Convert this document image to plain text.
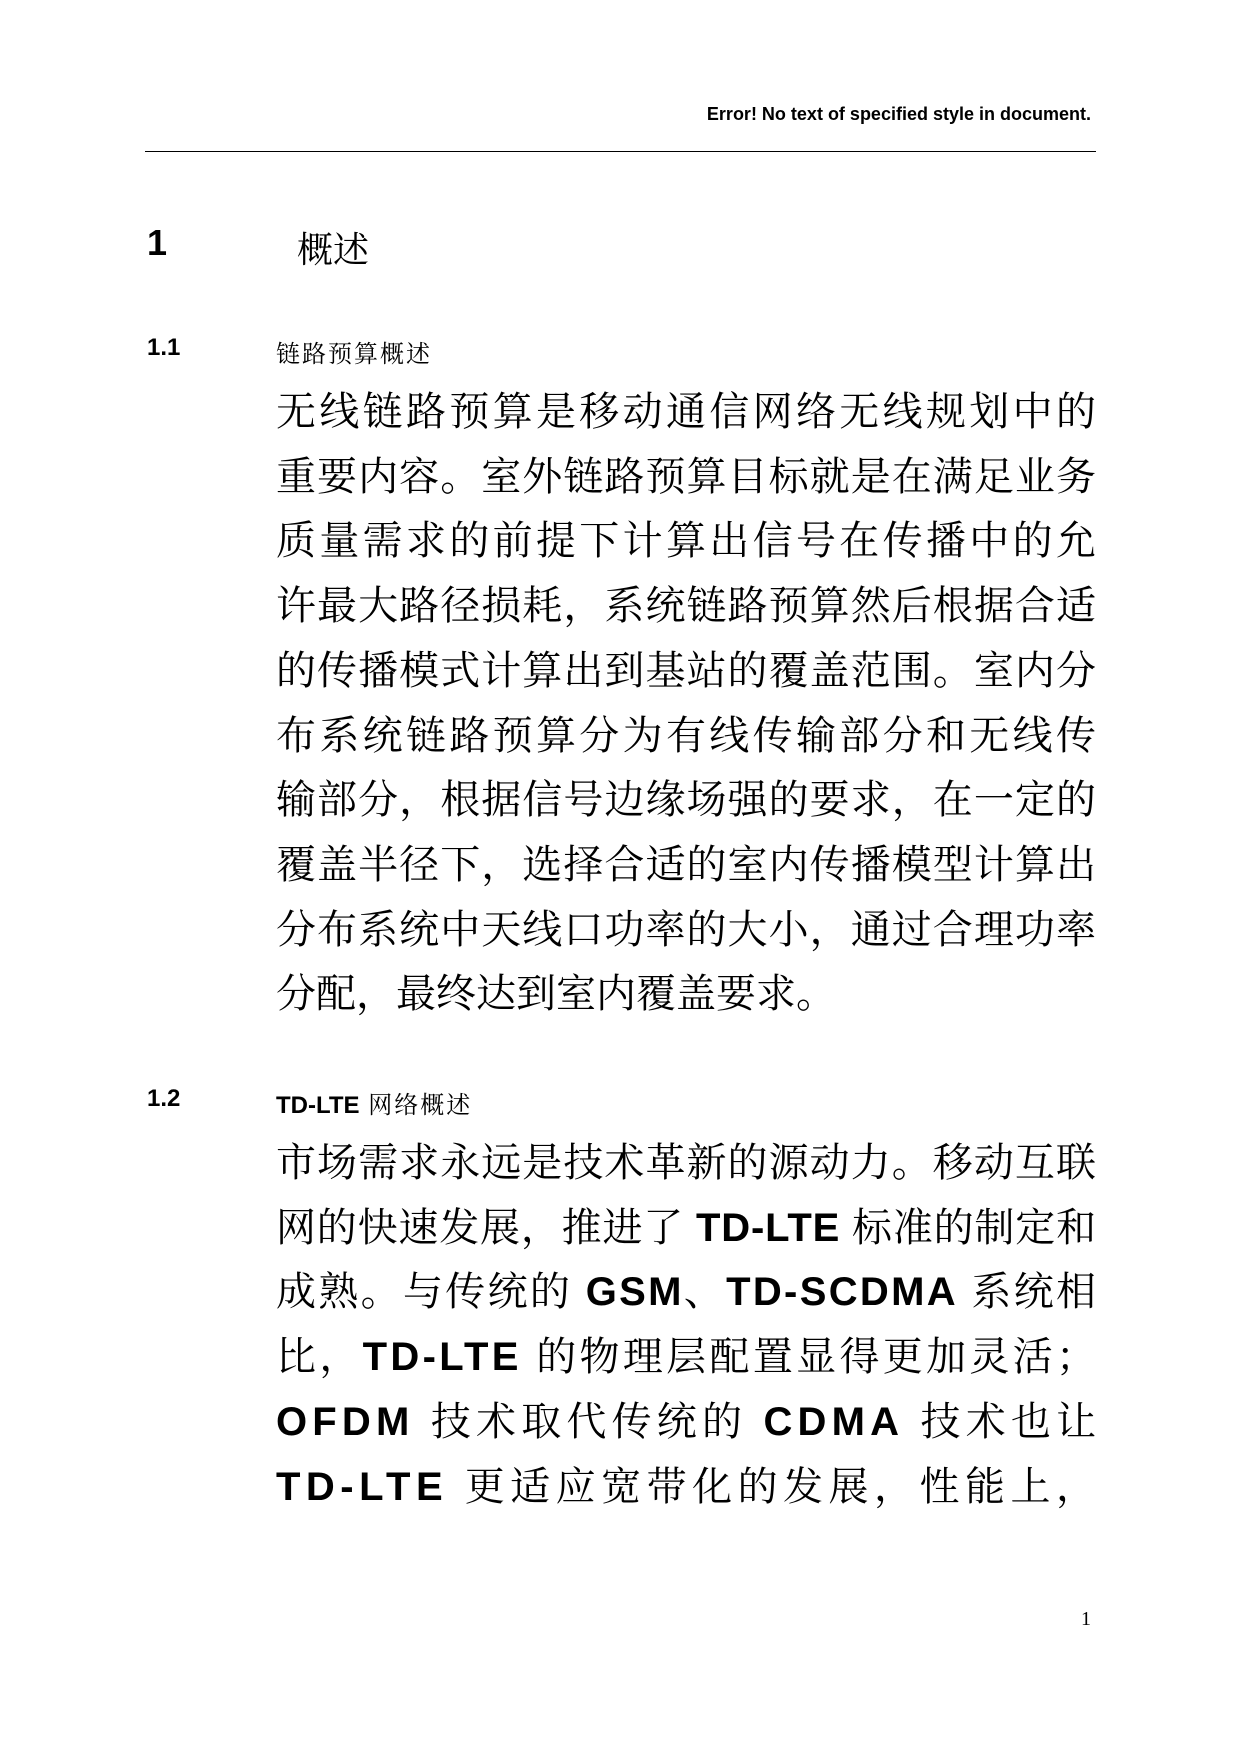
Error! No text of specified style in document.
1	概述
1.1	链路预算概述
无线链路预算是移动通信网络无线规划中的
重要内容。室外链路预算目标就是在满足业务
质量需求的前提下计算出信号在传播中的允
许最大路径损耗，系统链路预算然后根据合适
的传播模式计算出到基站的覆盖范围。室内分
布系统链路预算分为有线传输部分和无线传
输部分，根据信号边缘场强的要求，在一定的
覆盖半径下，选择合适的室内传播模型计算出
分布系统中天线口功率的大小，通过合理功率
分配，最终达到室内覆盖要求。
1.2	TD-LTE 网络概述
市场需求永远是技术革新的源动力。移动互联
网的快速发展，推进了 TD-LTE 标准的制定和
成熟。与传统的 GSM、TD-SCDMA 系统相
比，TD-LTE 的物理层配置显得更加灵活；
OFDM 技术取代传统的 CDMA 技术也让
TD-LTE 更适应宽带化的发展，性能上，
1
